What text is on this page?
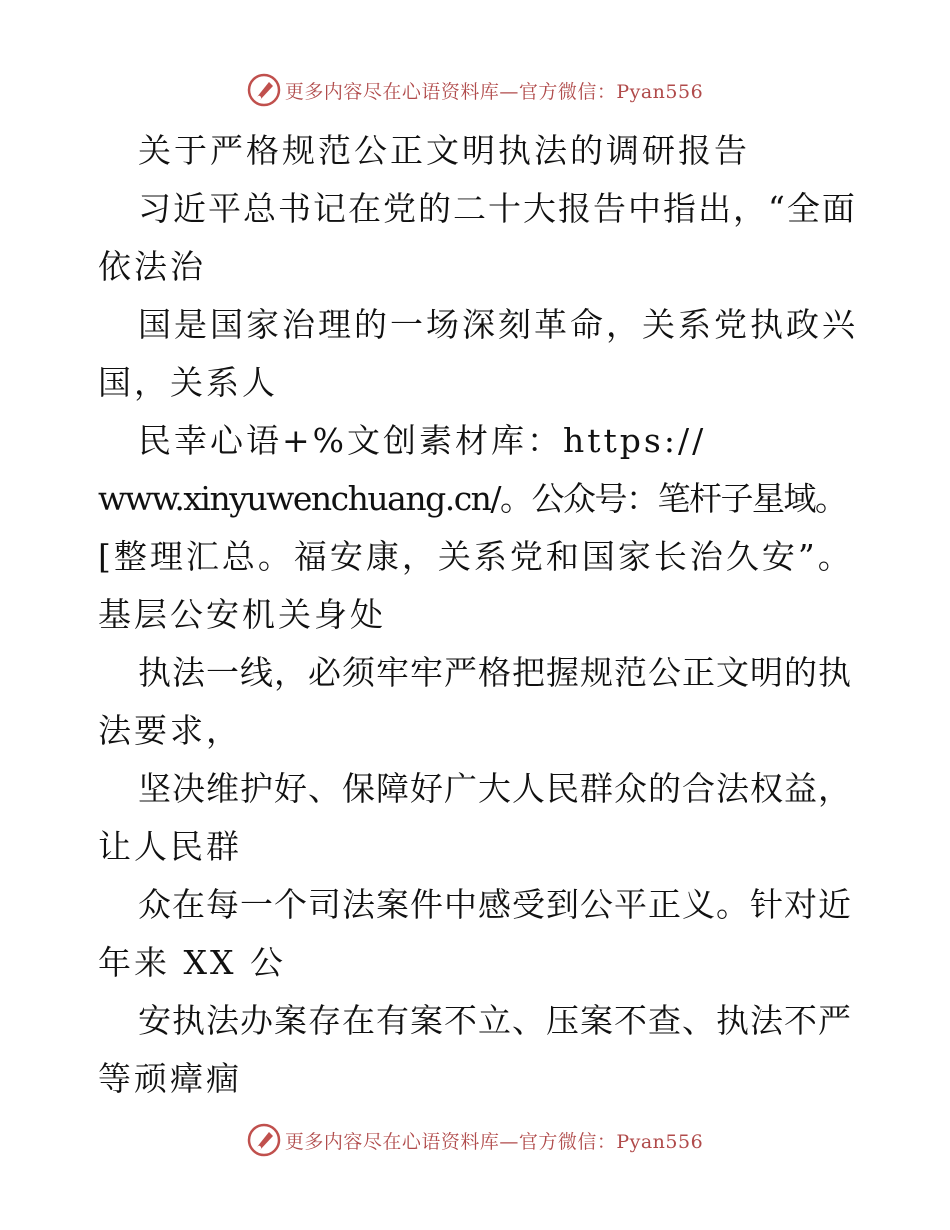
更多内容尽在心语资料库—官方微信：Pyan556
关于严格规范公正文明执法的调研报告
习近平总书记在党的二十大报告中指出，“全面
依法治
国是国家治理的一场深刻革命，关系党执政兴
国，关系人
民幸心语+%文创素材库：https://
www.xinyuwenchuang.cn/。公众号：笔杆子星域。
[整理汇总。福安康，关系党和国家长治久安”。
基层公安机关身处
执法一线，必须牢牢严格把握规范公正文明的执
法要求，
坚决维护好、保障好广大人民群众的合法权益，
让人民群
众在每一个司法案件中感受到公平正义。针对近
年来 XX 公
安执法办案存在有案不立、压案不查、执法不严
等顽瘴痼
更多内容尽在心语资料库—官方微信：Pyan556
